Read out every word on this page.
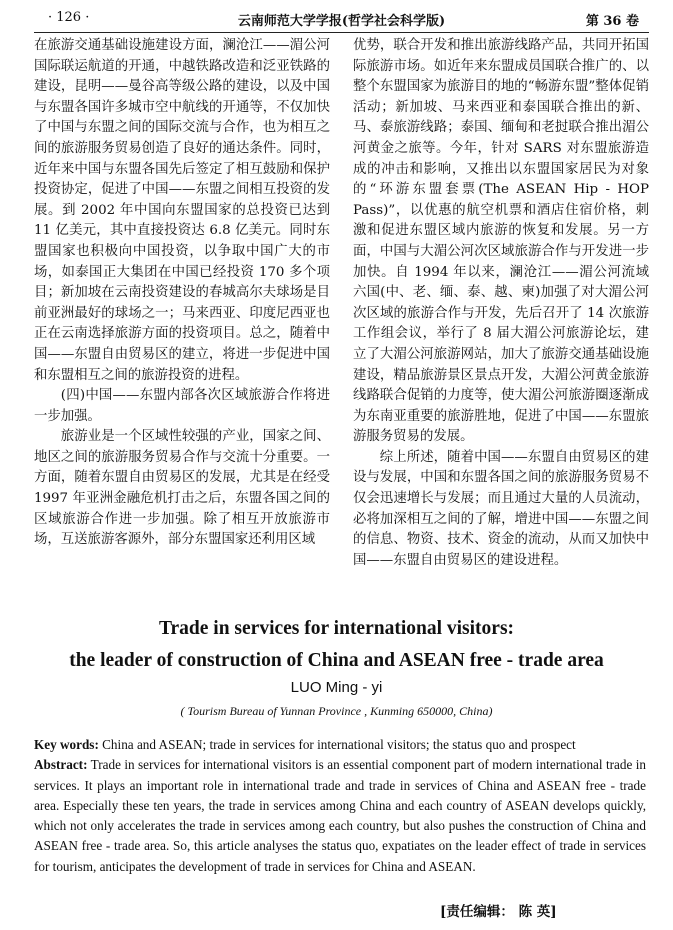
· 126 ·	云南师范大学学报(哲学社会科学版)	第 36 卷

在旅游交通基础设施建设方面，澜沧江——湄公河国际联运航道的开通，中越铁路改造和泛亚铁路的建设，昆明——曼谷高等级公路的建设，以及中国与东盟各国许多城市空中航线的开通等，不仅加快了中国与东盟之间的国际交流与合作，也为相互之间的旅游服务贸易创造了良好的通达条件。同时，近年来中国与东盟各国先后签定了相互鼓励和保护投资协定，促进了中国——东盟之间相互投资的发展。到 2002 年中国向东盟国家的总投资已达到 11 亿美元，其中直接投资达 6.8 亿美元。同时东盟国家也积极向中国投资，以争取中国广大的市场，如泰国正大集团在中国已经投资 170 多个项目；新加坡在云南投资建设的春城高尔夫球场是目前亚洲最好的球场之一；马来西亚、印度尼西亚也正在云南选择旅游方面的投资项目。总之，随着中国——东盟自由贸易区的建立，将进一步促进中国和东盟相互之间的旅游投资的进程。

(四)中国——东盟内部各次区域旅游合作将进一步加强。

旅游业是一个区域性较强的产业，国家之间、地区之间的旅游服务贸易合作与交流十分重要。一方面，随着东盟自由贸易区的发展，尤其是在经受 1997 年亚洲金融危机打击之后，东盟各国之间的区域旅游合作进一步加强。除了相互开放旅游市场，互送旅游客源外，部分东盟国家还利用区域

优势，联合开发和推出旅游线路产品，共同开拓国际旅游市场。如近年来东盟成员国联合推广的、以整个东盟国家为旅游目的地的“畅游东盟”整体促销活动；新加坡、马来西亚和泰国联合推出的新、马、泰旅游线路；泰国、缅甸和老挝联合推出湄公河黄金之旅等。今年，针对 SARS 对东盟旅游造成的冲击和影响，又推出以东盟国家居民为对象的“环游东盟套票(The ASEAN Hip - HOP Pass)”，以优惠的航空机票和酒店住宿价格，刺激和促进东盟区域内旅游的恢复和发展。另一方面，中国与大湄公河次区域旅游合作与开发进一步加快。自 1994 年以来，澜沧江——湄公河流域六国(中、老、缅、泰、越、柬)加强了对大湄公河次区域的旅游合作与开发，先后召开了 14 次旅游工作组会议，举行了 8 届大湄公河旅游论坛，建立了大湄公河旅游网站，加大了旅游交通基础设施建设，精品旅游景区景点开发，大湄公河黄金旅游线路联合促销的力度等，使大湄公河旅游圈逐渐成为东南亚重要的旅游胜地，促进了中国——东盟旅游服务贸易的发展。

综上所述，随着中国——东盟自由贸易区的建设与发展，中国和东盟各国之间的旅游服务贸易不仅会迅速增长与发展；而且通过大量的人员流动，必将加深相互之间的了解，增进中国——东盟之间的信息、物资、技术、资金的流动，从而又加快中国——东盟自由贸易区的建设进程。

Trade in services for international visitors:
the leader of construction of China and ASEAN free - trade area
LUO Ming - yi
( Tourism Bureau of Yunnan Province , Kunming 650000, China)

Key words: China and ASEAN; trade in services for international visitors; the status quo and prospect

Abstract: Trade in services for international visitors is an essential component part of modern international trade in services. It plays an important role in international trade and trade in services of China and ASEAN free - trade area. Especially these ten years, the trade in services among China and each country of ASEAN develops quickly, which not only accelerates the trade in services among each country, but also pushes the construction of China and ASEAN free - trade area. So, this article analyses the status quo, expatiates on the leader effect of trade in services for tourism, anticipates the development of trade in services for China and ASEAN.

[责任编辑： 陈 英]
